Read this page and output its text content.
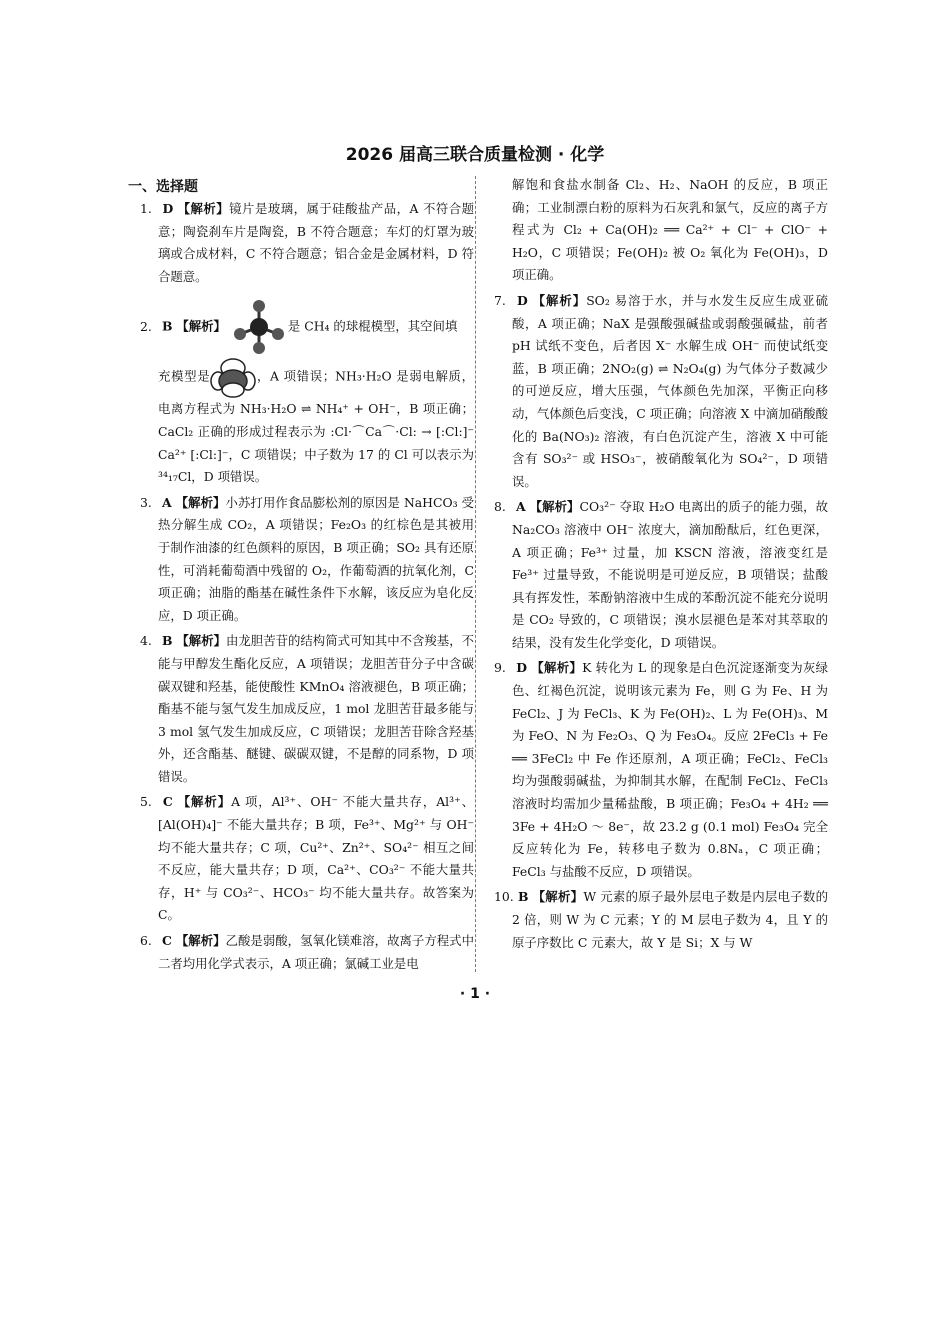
2026 届高三联合质量检测 · 化学
一、选择题

1. D 【解析】镜片是玻璃，属于硅酸盐产品，A 不符合题意；陶瓷刹车片是陶瓷，B 不符合题意；车灯的灯罩为玻璃或合成材料，C 不符合题意；铝合金是金属材料，D 符合题意。

2. B 【解析】	是 CH₄ 的球棍模型，其空间填
充模型是	，A 项错误；NH₃·H₂O 是弱电解质，电离方程式为 NH₃·H₂O ⇌ NH₄⁺ + OH⁻，B 项正确；CaCl₂ 正确的形成过程表示为 :Cl·⌒Ca⌒·Cl: → [:Cl:]⁻ Ca²⁺ [:Cl:]⁻，C 项错误；中子数为 17 的 Cl 可以表示为 ³⁴₁₇Cl，D 项错误。

3. A 【解析】小苏打用作食品膨松剂的原因是 NaHCO₃ 受热分解生成 CO₂，A 项错误；Fe₂O₃ 的红棕色是其被用于制作油漆的红色颜料的原因，B 项正确；SO₂ 具有还原性，可消耗葡萄酒中残留的 O₂，作葡萄酒的抗氧化剂，C 项正确；油脂的酯基在碱性条件下水解，该反应为皂化反应，D 项正确。

4. B 【解析】由龙胆苦苷的结构简式可知其中不含羧基，不能与甲醇发生酯化反应，A 项错误；龙胆苦苷分子中含碳碳双键和羟基，能使酸性 KMnO₄ 溶液褪色，B 项正确；酯基不能与氢气发生加成反应，1 mol 龙胆苦苷最多能与 3 mol 氢气发生加成反应，C 项错误；龙胆苦苷除含羟基外，还含酯基、醚键、碳碳双键，不是醇的同系物，D 项错误。

5. C 【解析】A 项，Al³⁺、OH⁻ 不能大量共存，Al³⁺、[Al(OH)₄]⁻ 不能大量共存；B 项，Fe³⁺、Mg²⁺ 与 OH⁻ 均不能大量共存；C 项，Cu²⁺、Zn²⁺、SO₄²⁻ 相互之间不反应，能大量共存；D 项，Ca²⁺、CO₃²⁻ 不能大量共存，H⁺ 与 CO₃²⁻、HCO₃⁻ 均不能大量共存。故答案为 C。

6. C 【解析】乙酸是弱酸，氢氧化镁难溶，故离子方程式中二者均用化学式表示，A 项正确；氯碱工业是电

解饱和食盐水制备 Cl₂、H₂、NaOH 的反应，B 项正确；工业制漂白粉的原料为石灰乳和氯气，反应的离子方程式为 Cl₂ + Ca(OH)₂ ══ Ca²⁺ + Cl⁻ + ClO⁻ + H₂O，C 项错误；Fe(OH)₂ 被 O₂ 氧化为 Fe(OH)₃，D 项正确。

7. D 【解析】SO₂ 易溶于水，并与水发生反应生成亚硫酸，A 项正确；NaX 是强酸强碱盐或弱酸强碱盐，前者 pH 试纸不变色，后者因 X⁻ 水解生成 OH⁻ 而使试纸变蓝，B 项正确；2NO₂(g) ⇌ N₂O₄(g) 为气体分子数减少的可逆反应，增大压强，气体颜色先加深，平衡正向移动，气体颜色后变浅，C 项正确；向溶液 X 中滴加硝酸酸化的 Ba(NO₃)₂ 溶液，有白色沉淀产生，溶液 X 中可能含有 SO₃²⁻ 或 HSO₃⁻，被硝酸氧化为 SO₄²⁻，D 项错误。

8. A 【解析】CO₃²⁻ 夺取 H₂O 电离出的质子的能力强，故 Na₂CO₃ 溶液中 OH⁻ 浓度大，滴加酚酞后，红色更深，A 项正确；Fe³⁺ 过量，加 KSCN 溶液，溶液变红是 Fe³⁺ 过量导致，不能说明是可逆反应，B 项错误；盐酸具有挥发性，苯酚钠溶液中生成的苯酚沉淀不能充分说明是 CO₂ 导致的，C 项错误；溴水层褪色是苯对其萃取的结果，没有发生化学变化，D 项错误。

9. D 【解析】K 转化为 L 的现象是白色沉淀逐渐变为灰绿色、红褐色沉淀，说明该元素为 Fe，则 G 为 Fe、H 为 FeCl₂、J 为 FeCl₃、K 为 Fe(OH)₂、L 为 Fe(OH)₃、M 为 FeO、N 为 Fe₂O₃、Q 为 Fe₃O₄。反应 2FeCl₃ + Fe ══ 3FeCl₂ 中 Fe 作还原剂，A 项正确；FeCl₂、FeCl₃ 均为强酸弱碱盐，为抑制其水解，在配制 FeCl₂、FeCl₃ 溶液时均需加少量稀盐酸，B 项正确；Fe₃O₄ + 4H₂ ══ 3Fe + 4H₂O ～ 8e⁻，故 23.2 g (0.1 mol) Fe₃O₄ 完全反应转化为 Fe，转移电子数为 0.8Nₐ，C 项正确；FeCl₃ 与盐酸不反应，D 项错误。

10. B 【解析】W 元素的原子最外层电子数是内层电子数的 2 倍，则 W 为 C 元素；Y 的 M 层电子数为 4，且 Y 的原子序数比 C 元素大，故 Y 是 Si；X 与 W

· 1 ·
